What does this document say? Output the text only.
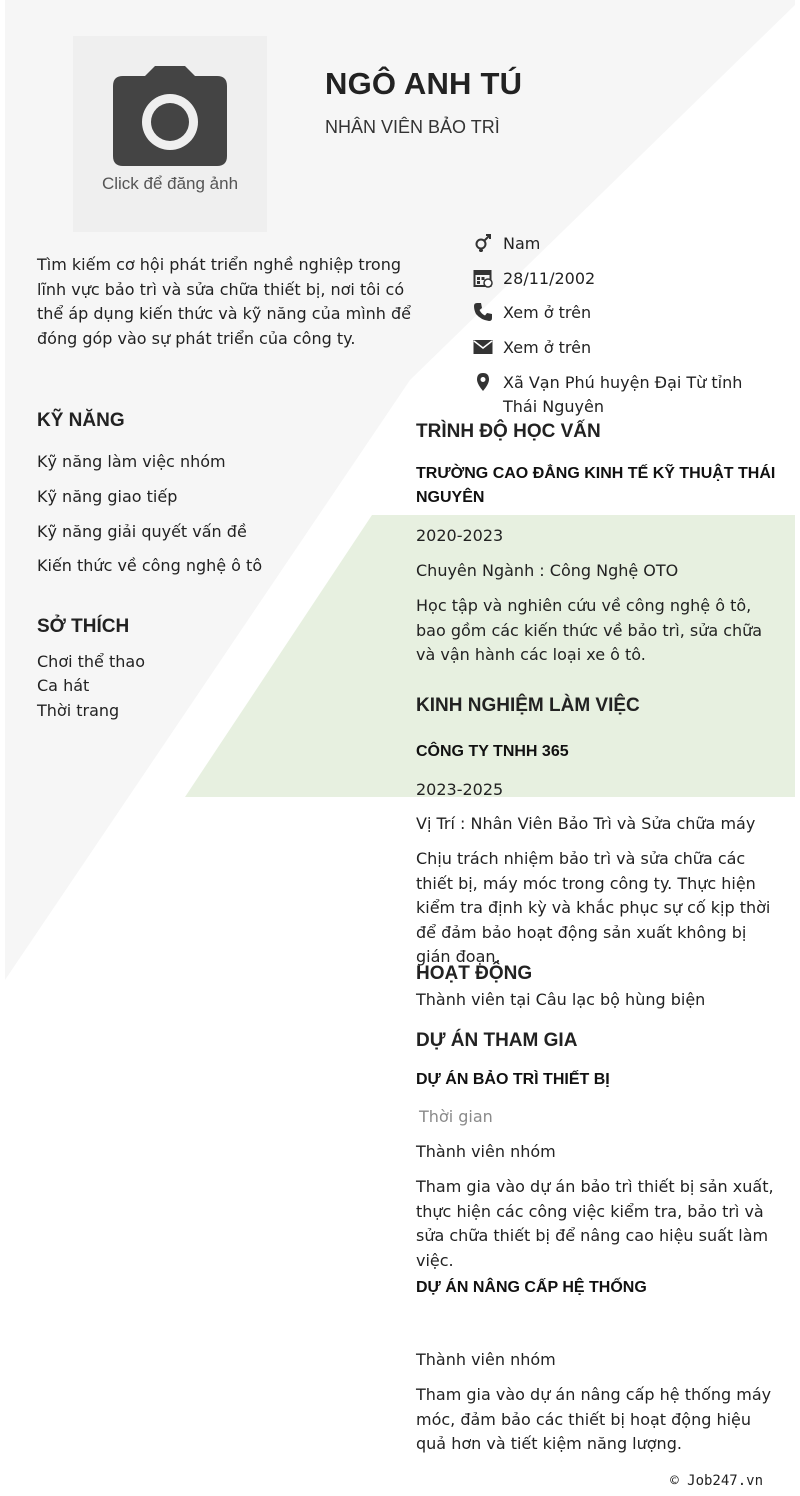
Click để đăng ảnh
NGÔ ANH TÚ
NHÂN VIÊN BẢO TRÌ
Tìm kiếm cơ hội phát triển nghề nghiệp trong lĩnh vực bảo trì và sửa chữa thiết bị, nơi tôi có thể áp dụng kiến thức và kỹ năng của mình để đóng góp vào sự phát triển của công ty.
Nam
28/11/2002
Xem ở trên
Xem ở trên
Xã Vạn Phú huyện Đại Từ tỉnh Thái Nguyên
KỸ NĂNG
Kỹ năng làm việc nhóm
Kỹ năng giao tiếp
Kỹ năng giải quyết vấn đề
Kiến thức về công nghệ ô tô
SỞ THÍCH
Chơi thể thao
Ca hát
Thời trang
TRÌNH ĐỘ HỌC VẤN
TRƯỜNG CAO ĐẲNG KINH TẾ KỸ THUẬT THÁI NGUYÊN
2020-2023
Chuyên Ngành : Công Nghệ OTO
Học tập và nghiên cứu về công nghệ ô tô, bao gồm các kiến thức về bảo trì, sửa chữa và vận hành các loại xe ô tô.
KINH NGHIỆM LÀM VIỆC
CÔNG TY TNHH 365
2023-2025
Vị Trí : Nhân Viên Bảo Trì và Sửa chữa máy
Chịu trách nhiệm bảo trì và sửa chữa các thiết bị, máy móc trong công ty. Thực hiện kiểm tra định kỳ và khắc phục sự cố kịp thời để đảm bảo hoạt động sản xuất không bị gián đoạn.
HOẠT ĐỘNG
Thành viên tại Câu lạc bộ hùng biện
DỰ ÁN THAM GIA
DỰ ÁN BẢO TRÌ THIẾT BỊ
Thời gian
Thành viên nhóm
Tham gia vào dự án bảo trì thiết bị sản xuất, thực hiện các công việc kiểm tra, bảo trì và sửa chữa thiết bị để nâng cao hiệu suất làm việc.
DỰ ÁN NÂNG CẤP HỆ THỐNG
Thành viên nhóm
Tham gia vào dự án nâng cấp hệ thống máy móc, đảm bảo các thiết bị hoạt động hiệu quả hơn và tiết kiệm năng lượng.
© Job247.vn
